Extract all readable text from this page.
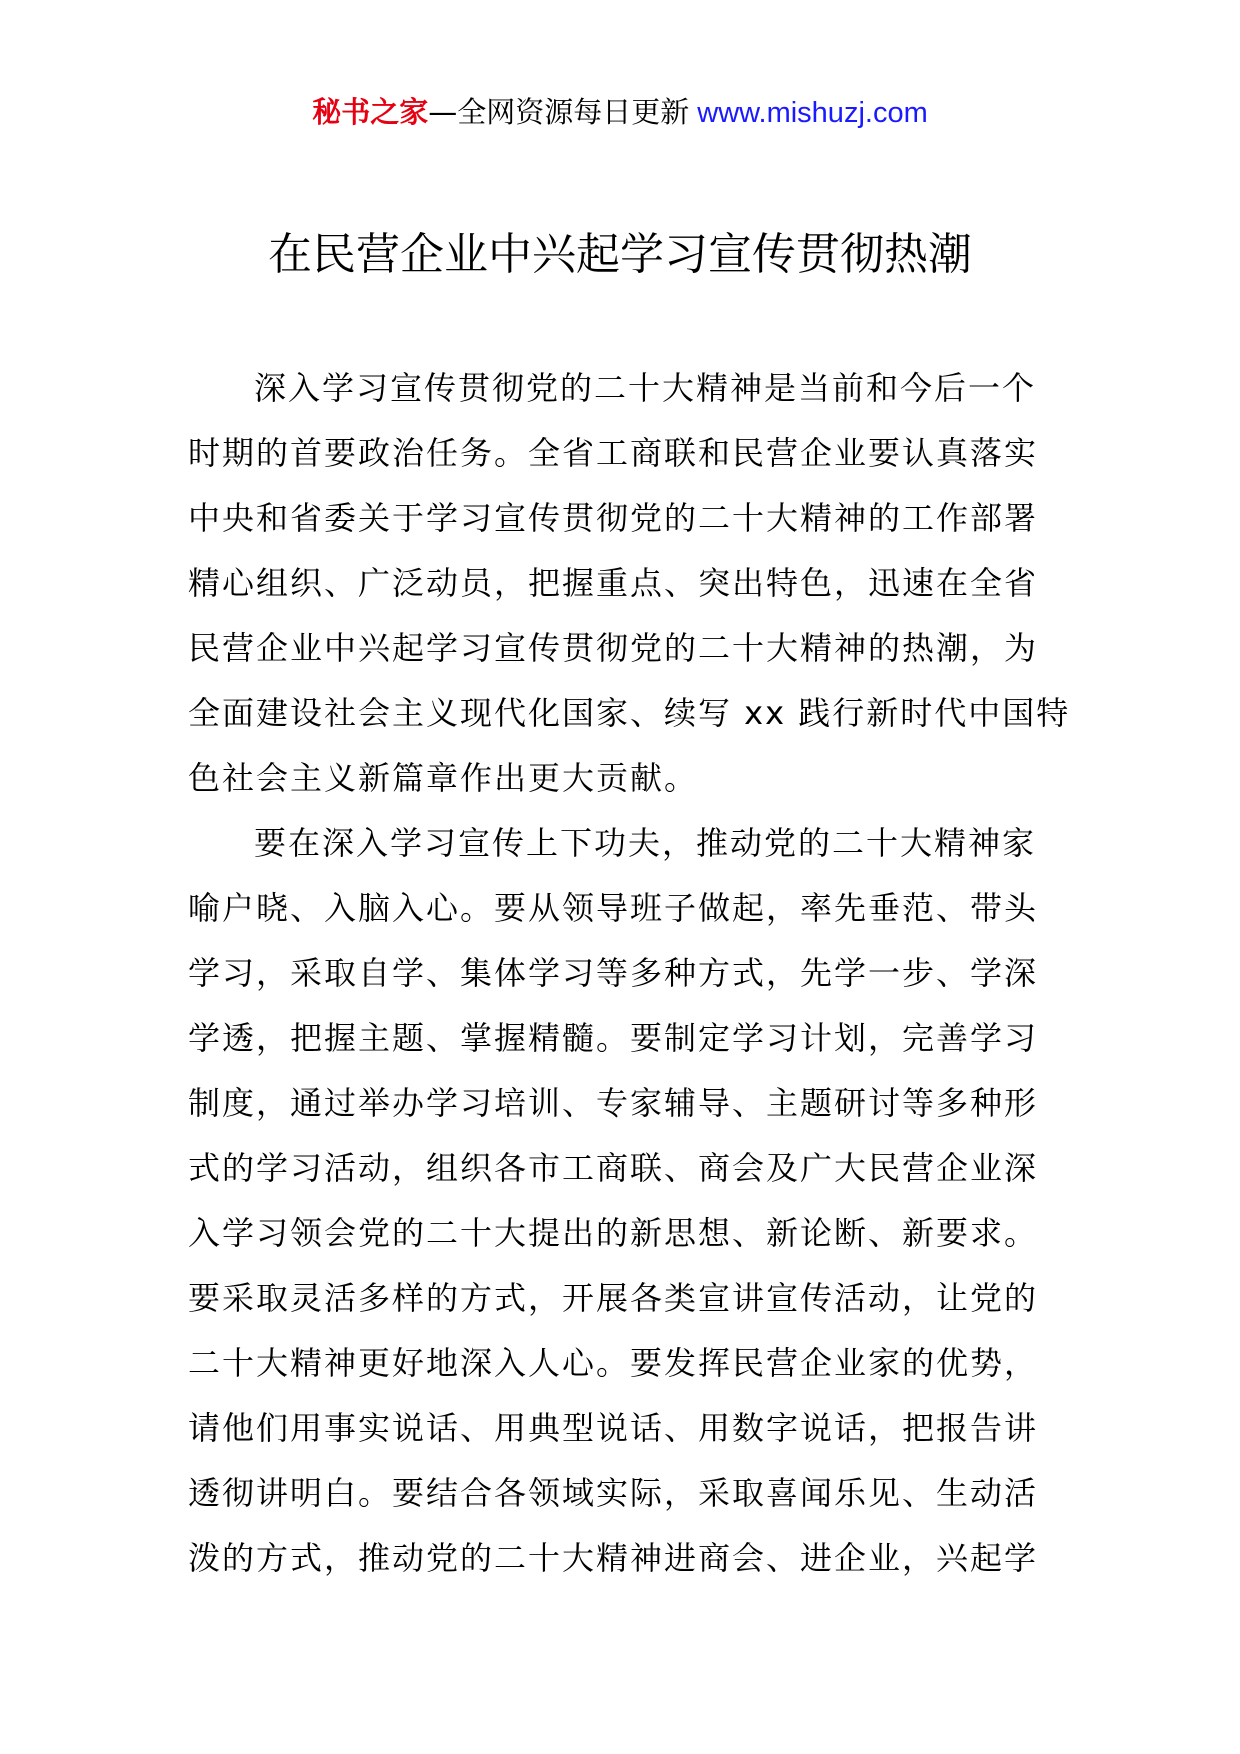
秘书之家—全网资源每日更新 www.mishuzj.com
在民营企业中兴起学习宣传贯彻热潮

深入学习宣传贯彻党的二十大精神是当前和今后一个
时期的首要政治任务。全省工商联和民营企业要认真落实
中央和省委关于学习宣传贯彻党的二十大精神的工作部署
精心组织、广泛动员，把握重点、突出特色，迅速在全省
民营企业中兴起学习宣传贯彻党的二十大精神的热潮，为
全面建设社会主义现代化国家、续写 xx 践行新时代中国特
色社会主义新篇章作出更大贡献。

要在深入学习宣传上下功夫，推动党的二十大精神家
喻户晓、入脑入心。要从领导班子做起，率先垂范、带头
学习，采取自学、集体学习等多种方式，先学一步、学深
学透，把握主题、掌握精髓。要制定学习计划，完善学习
制度，通过举办学习培训、专家辅导、主题研讨等多种形
式的学习活动，组织各市工商联、商会及广大民营企业深
入学习领会党的二十大提出的新思想、新论断、新要求。
要采取灵活多样的方式，开展各类宣讲宣传活动，让党的
二十大精神更好地深入人心。要发挥民营企业家的优势，
请他们用事实说话、用典型说话、用数字说话，把报告讲
透彻讲明白。要结合各领域实际，采取喜闻乐见、生动活
泼的方式，推动党的二十大精神进商会、进企业，兴起学
